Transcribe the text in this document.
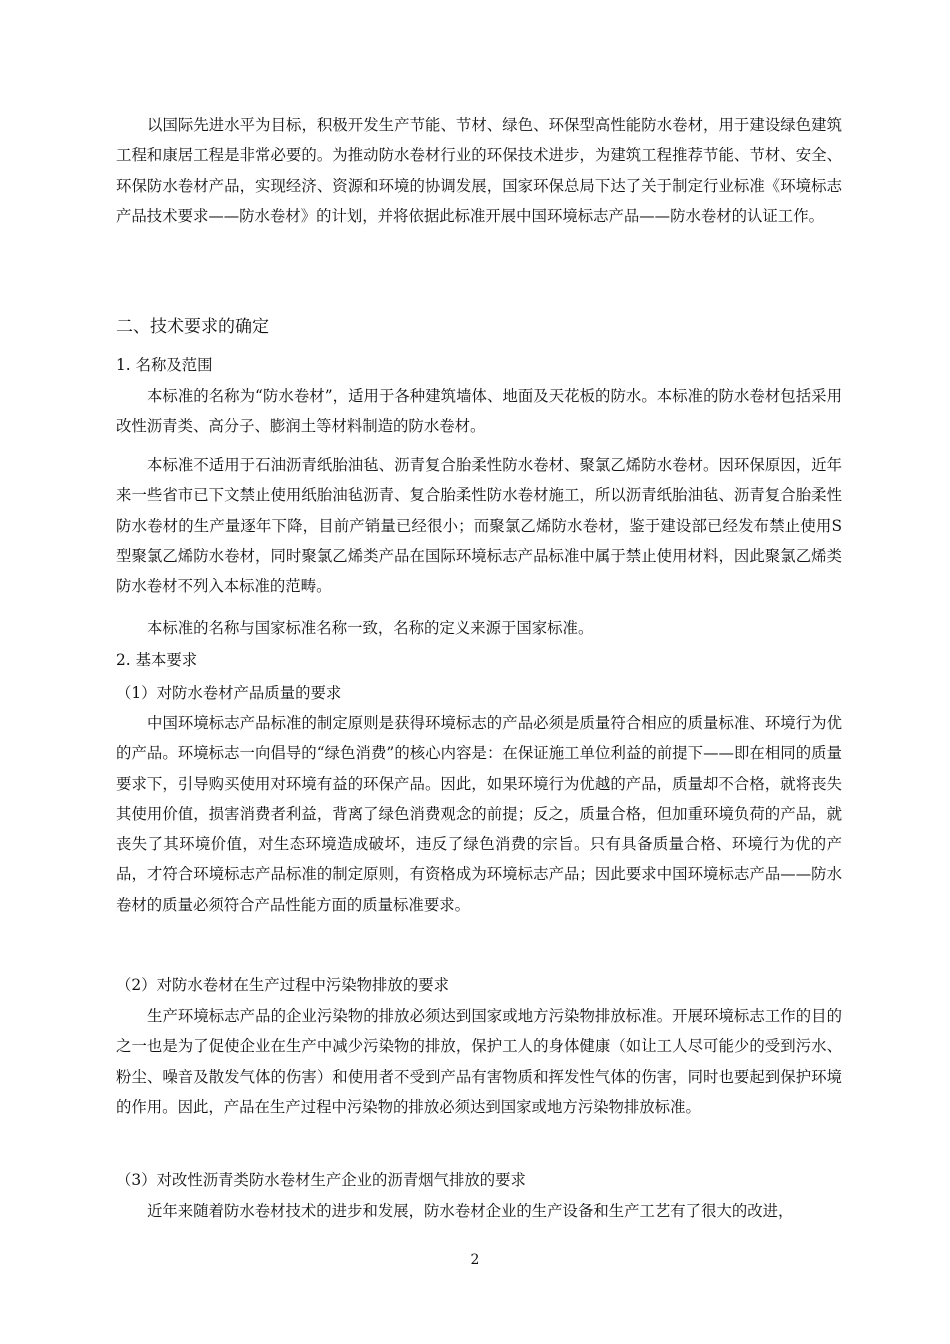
以国际先进水平为目标，积极开发生产节能、节材、绿色、环保型高性能防水卷材，用于建设绿色建筑工程和康居工程是非常必要的。为推动防水卷材行业的环保技术进步，为建筑工程推荐节能、节材、安全、环保防水卷材产品，实现经济、资源和环境的协调发展，国家环保总局下达了关于制定行业标准《环境标志产品技术要求——防水卷材》的计划，并将依据此标准开展中国环境标志产品——防水卷材的认证工作。

二、技术要求的确定
1. 名称及范围

本标准的名称为“防水卷材”，适用于各种建筑墙体、地面及天花板的防水。本标准的防水卷材包括采用改性沥青类、高分子、膨润土等材料制造的防水卷材。

本标准不适用于石油沥青纸胎油毡、沥青复合胎柔性防水卷材、聚氯乙烯防水卷材。因环保原因，近年来一些省市已下文禁止使用纸胎油毡沥青、复合胎柔性防水卷材施工，所以沥青纸胎油毡、沥青复合胎柔性防水卷材的生产量逐年下降，目前产销量已经很小；而聚氯乙烯防水卷材，鉴于建设部已经发布禁止使用S型聚氯乙烯防水卷材，同时聚氯乙烯类产品在国际环境标志产品标准中属于禁止使用材料，因此聚氯乙烯类防水卷材不列入本标准的范畴。

本标准的名称与国家标准名称一致，名称的定义来源于国家标准。

2. 基本要求
（1）对防水卷材产品质量的要求

中国环境标志产品标准的制定原则是获得环境标志的产品必须是质量符合相应的质量标准、环境行为优的产品。环境标志一向倡导的“绿色消费”的核心内容是：在保证施工单位利益的前提下——即在相同的质量要求下，引导购买使用对环境有益的环保产品。因此，如果环境行为优越的产品，质量却不合格，就将丧失其使用价值，损害消费者利益，背离了绿色消费观念的前提；反之，质量合格，但加重环境负荷的产品，就丧失了其环境价值，对生态环境造成破坏，违反了绿色消费的宗旨。只有具备质量合格、环境行为优的产品，才符合环境标志产品标准的制定原则，有资格成为环境标志产品；因此要求中国环境标志产品——防水卷材的质量必须符合产品性能方面的质量标准要求。

（2）对防水卷材在生产过程中污染物排放的要求

生产环境标志产品的企业污染物的排放必须达到国家或地方污染物排放标准。开展环境标志工作的目的之一也是为了促使企业在生产中减少污染物的排放，保护工人的身体健康（如让工人尽可能少的受到污水、粉尘、噪音及散发气体的伤害）和使用者不受到产品有害物质和挥发性气体的伤害，同时也要起到保护环境的作用。因此，产品在生产过程中污染物的排放必须达到国家或地方污染物排放标准。

（3）对改性沥青类防水卷材生产企业的沥青烟气排放的要求

近年来随着防水卷材技术的进步和发展，防水卷材企业的生产设备和生产工艺有了很大的改进，

2
